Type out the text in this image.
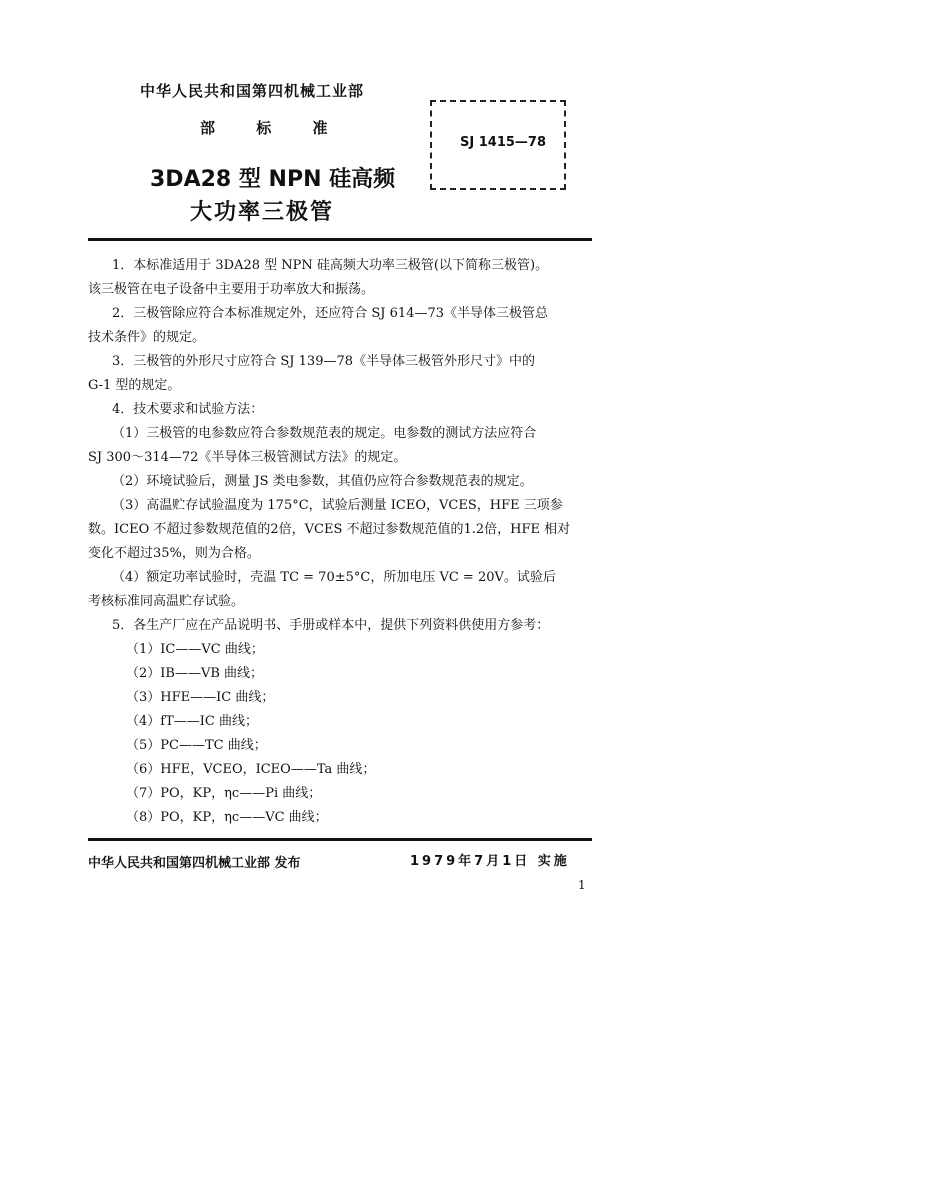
中华人民共和国第四机械工业部
部 标 准
3DA28 型 NPN 硅高频
大功率三极管
SJ 1415—78
1．本标准适用于 3DA28 型 NPN 硅高频大功率三极管(以下简称三极管)。
该三极管在电子设备中主要用于功率放大和振荡。
2．三极管除应符合本标准规定外，还应符合 SJ 614—73《半导体三极管总
技术条件》的规定。
3．三极管的外形尺寸应符合 SJ 139—78《半导体三极管外形尺寸》中的
G-1 型的规定。
4．技术要求和试验方法：
（1）三极管的电参数应符合参数规范表的规定。电参数的测试方法应符合
SJ 300～314—72《半导体三极管测试方法》的规定。
（2）环境试验后，测量 JS 类电参数，其值仍应符合参数规范表的规定。
（3）高温贮存试验温度为 175°C，试验后测量 ICEO，VCES，HFE 三项参
数。ICEO 不超过参数规范值的2倍，VCES 不超过参数规范值的1.2倍，HFE 相对
变化不超过35%，则为合格。
（4）额定功率试验时，壳温 TC = 70±5°C，所加电压 VC = 20V。试验后
考核标准同高温贮存试验。
5．各生产厂应在产品说明书、手册或样本中，提供下列资料供使用方参考：
（1）IC——VC 曲线；
（2）IB——VB 曲线；
（3）HFE——IC 曲线；
（4）fT——IC 曲线；
（5）PC——TC 曲线；
（6）HFE，VCEO，ICEO——Ta 曲线；
（7）PO，KP，ηc——Pi 曲线；
（8）PO，KP，ηc——VC 曲线；
中华人民共和国第四机械工业部 发布	1979年7月1日 实施
1
